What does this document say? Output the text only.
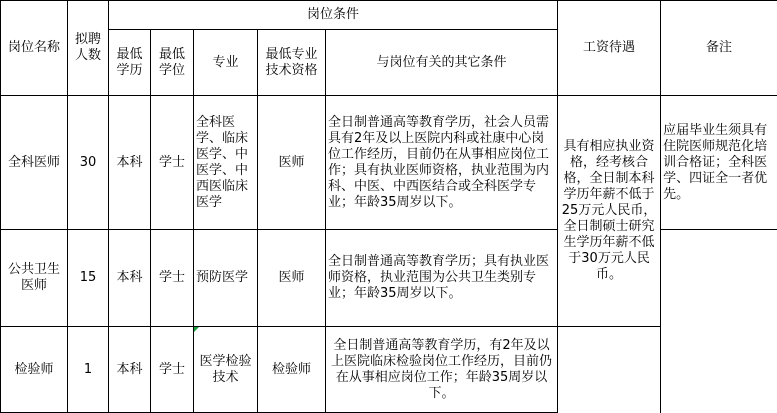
岗位名称	拟聘人数	岗位条件					工资待遇	备注
		最低学历	最低学位	专业	最低专业技术资格	与岗位有关的其它条件		
全科医师	30	本科	学士	全科医学、临床医学、中医学、中西医临床医学	医师	全日制普通高等教育学历，社会人员需具有2年及以上医院内科或社康中心岗位工作经历，目前仍在从事相应岗位工作；具有执业医师资格，执业范围为内科、中医、中西医结合或全科医学专业；年龄35周岁以下。	具有相应执业资格，经考核合格，全日制本科学历年薪不低于25万元人民币，全日制硕士研究生学历年薪不低于30万元人民币。	应届毕业生须具有住院医师规范化培训合格证；全科医学、四证全一者优先。
公共卫生医师	15	本科	学士	预防医学	医师	全日制普通高等教育学历；具有执业医师资格，执业范围为公共卫生类别专业；年龄35周岁以下。		
检验师	1	本科	学士	医学检验技术	检验师	全日制普通高等教育学历，有2年及以上医院临床检验岗位工作经历，目前仍在从事相应岗位工作；年龄35周岁以下。		
